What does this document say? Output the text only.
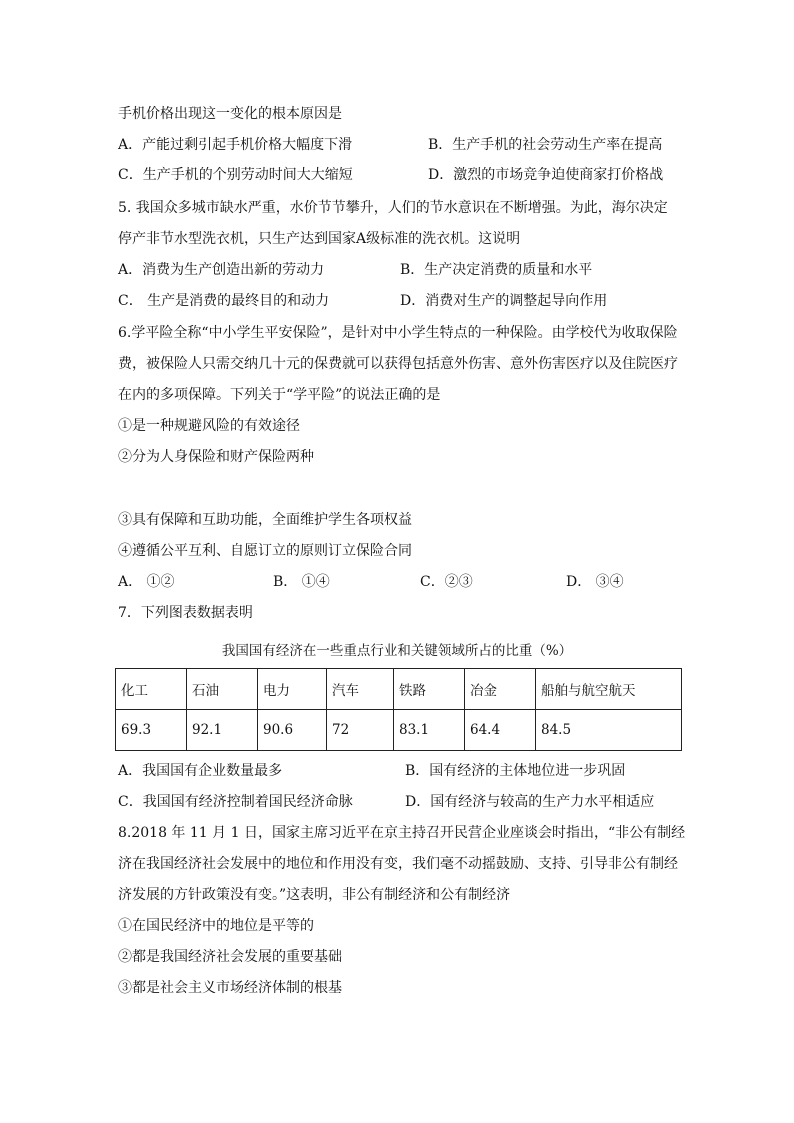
手机价格出现这一变化的根本原因是
A．产能过剩引起手机价格大幅度下滑	B．生产手机的社会劳动生产率在提高
C．生产手机的个别劳动时间大大缩短	D．激烈的市场竞争迫使商家打价格战
5. 我国众多城市缺水严重，水价节节攀升，人们的节水意识在不断增强。为此，海尔决定
停产非节水型洗衣机，只生产达到国家A级标准的洗衣机。这说明
A．消费为生产创造出新的劳动力	B．生产决定消费的质量和水平
C． 生产是消费的最终目的和动力	D．消费对生产的调整起导向作用
6.学平险全称“中小学生平安保险”，是针对中小学生特点的一种保险。由学校代为收取保险
费，被保险人只需交纳几十元的保费就可以获得包括意外伤害、意外伤害医疗以及住院医疗
在内的多项保障。下列关于“学平险”的说法正确的是
①是一种规避风险的有效途径
②分为人身保险和财产保险两种
③具有保障和互助功能，全面维护学生各项权益
④遵循公平互利、自愿订立的原则订立保险合同
A． ①②	B． ①④	C．②③	D． ③④
7．下列图表数据表明
我国国有经济在一些重点行业和关键领域所占的比重（%）
化工	石油	电力	汽车	铁路	冶金	船舶与航空航天
69.3	92.1	90.6	72	83.1	64.4	84.5
A．我国国有企业数量最多	B．国有经济的主体地位进一步巩固
C．我国国有经济控制着国民经济命脉	D．国有经济与较高的生产力水平相适应
8.2018 年 11 月 1 日，国家主席习近平在京主持召开民营企业座谈会时指出，“非公有制经
济在我国经济社会发展中的地位和作用没有变，我们毫不动摇鼓励、支持、引导非公有制经
济发展的方针政策没有变。”这表明，非公有制经济和公有制经济
①在国民经济中的地位是平等的
②都是我国经济社会发展的重要基础
③都是社会主义市场经济体制的根基
